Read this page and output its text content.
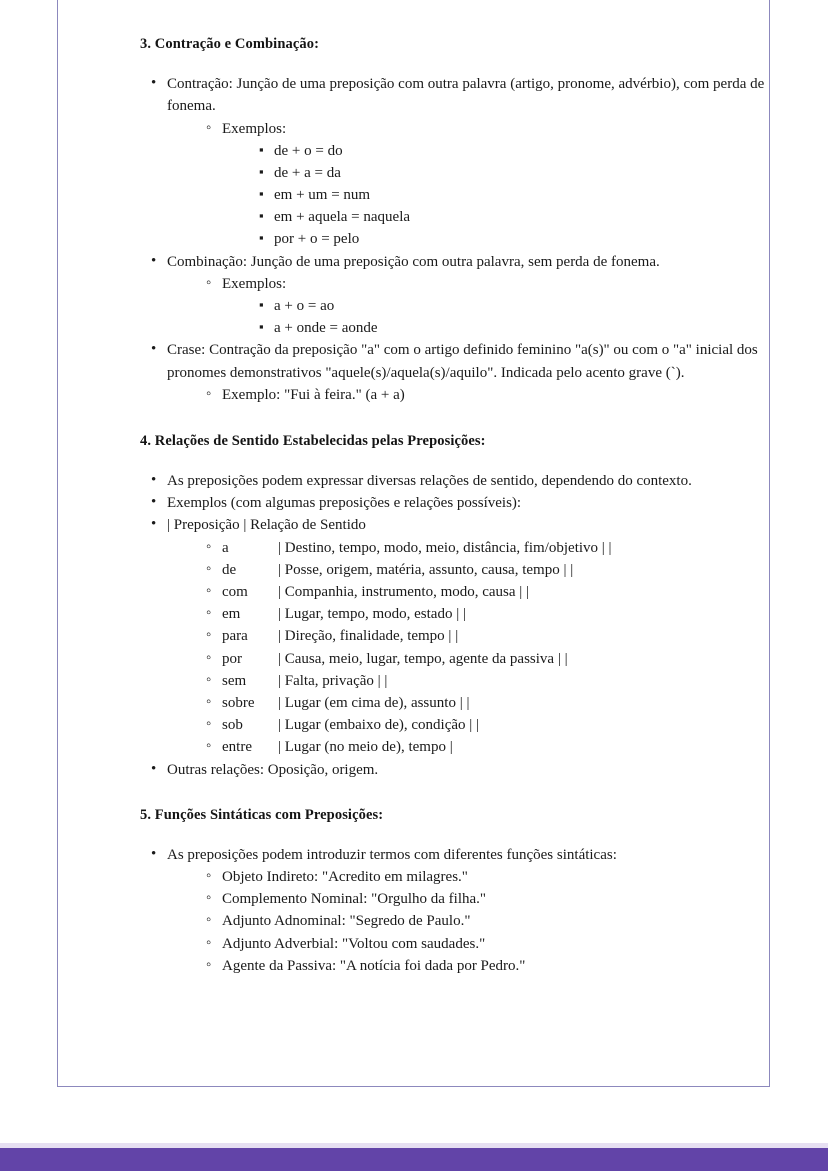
3. Contração e Combinação:
• Contração: Junção de uma preposição com outra palavra (artigo, pronome, advérbio), com perda de fonema.
◦ Exemplos:
▪ de + o = do
▪ de + a = da
▪ em + um = num
▪ em + aquela = naquela
▪ por + o = pelo
• Combinação: Junção de uma preposição com outra palavra, sem perda de fonema.
◦ Exemplos:
▪ a + o = ao
▪ a + onde = aonde
• Crase: Contração da preposição "a" com o artigo definido feminino "a(s)" ou com o "a" inicial dos pronomes demonstrativos "aquele(s)/aquela(s)/aquilo". Indicada pelo acento grave (`).
◦ Exemplo: "Fui à feira." (a + a)
4. Relações de Sentido Estabelecidas pelas Preposições:
• As preposições podem expressar diversas relações de sentido, dependendo do contexto.
• Exemplos (com algumas preposições e relações possíveis):
• | Preposição | Relação de Sentido
◦ a	| Destino, tempo, modo, meio, distância, fim/objetivo | |
◦ de	| Posse, origem, matéria, assunto, causa, tempo | |
◦ com	| Companhia, instrumento, modo, causa | |
◦ em	| Lugar, tempo, modo, estado | |
◦ para	| Direção, finalidade, tempo | |
◦ por	| Causa, meio, lugar, tempo, agente da passiva | |
◦ sem	| Falta, privação | |
◦ sobre	| Lugar (em cima de), assunto | |
◦ sob	| Lugar (embaixo de), condição | |
◦ entre	| Lugar (no meio de), tempo |
• Outras relações: Oposição, origem.
5. Funções Sintáticas com Preposições:
• As preposições podem introduzir termos com diferentes funções sintáticas:
◦ Objeto Indireto: "Acredito em milagres."
◦ Complemento Nominal: "Orgulho da filha."
◦ Adjunto Adnominal: "Segredo de Paulo."
◦ Adjunto Adverbial: "Voltou com saudades."
◦ Agente da Passiva: "A notícia foi dada por Pedro."
